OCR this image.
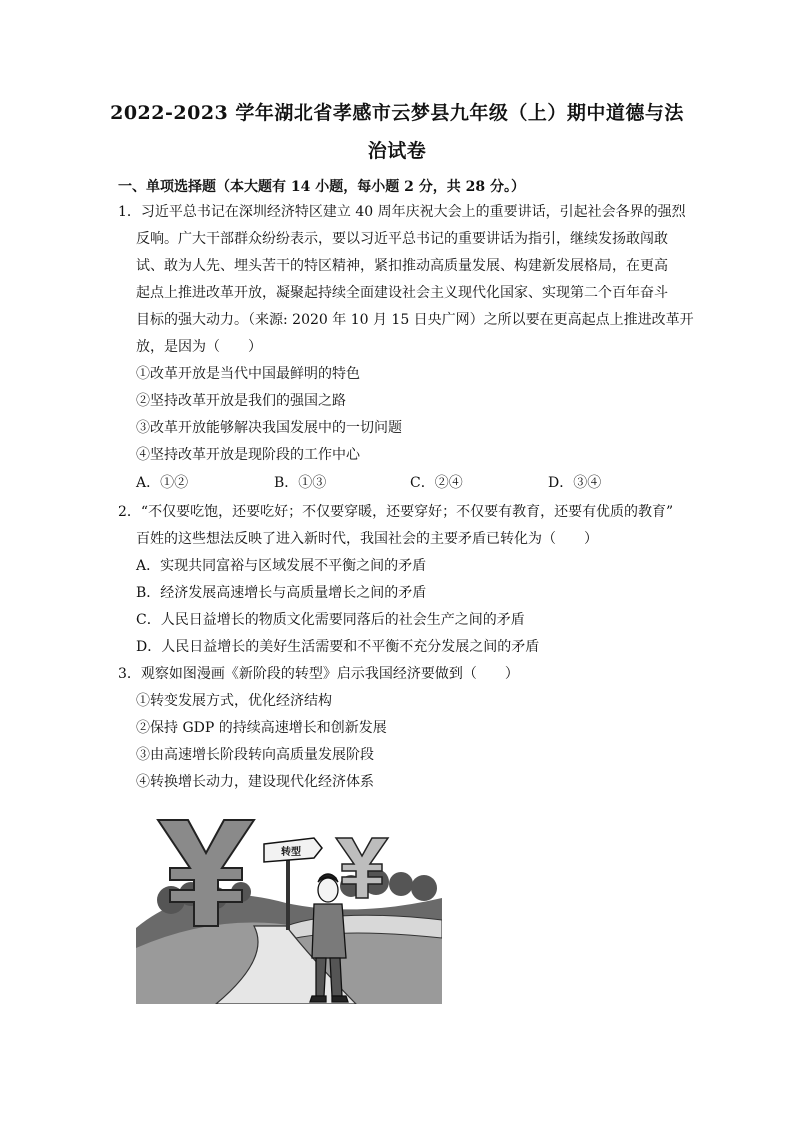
2022-2023 学年湖北省孝感市云梦县九年级（上）期中道德与法
治试卷
一、单项选择题（本大题有 14 小题，每小题 2 分，共 28 分。）
1．习近平总书记在深圳经济特区建立 40 周年庆祝大会上的重要讲话，引起社会各界的强烈
反响。广大干部群众纷纷表示，要以习近平总书记的重要讲话为指引，继续发扬敢闯敢
试、敢为人先、埋头苦干的特区精神，紧扣推动高质量发展、构建新发展格局，在更高
起点上推进改革开放，凝聚起持续全面建设社会主义现代化国家、实现第二个百年奋斗
目标的强大动力。（来源: 2020 年 10 月 15 日央广网）之所以要在更高起点上推进改革开
放，是因为（　　）
①改革开放是当代中国最鲜明的特色
②坚持改革开放是我们的强国之路
③改革开放能够解决我国发展中的一切问题
④坚持改革开放是现阶段的工作中心
A．①②	B．①③	C．②④	D．③④
2．“不仅要吃饱，还要吃好；不仅要穿暖，还要穿好；不仅要有教育，还要有优质的教育”
百姓的这些想法反映了进入新时代，我国社会的主要矛盾已转化为（　　）
A．实现共同富裕与区域发展不平衡之间的矛盾
B．经济发展高速增长与高质量增长之间的矛盾
C．人民日益增长的物质文化需要同落后的社会生产之间的矛盾
D．人民日益增长的美好生活需要和不平衡不充分发展之间的矛盾
3．观察如图漫画《新阶段的转型》启示我国经济要做到（　　）
①转变发展方式，优化经济结构
②保持 GDP 的持续高速增长和创新发展
③由高速增长阶段转向高质量发展阶段
④转换增长动力，建设现代化经济体系
转型
